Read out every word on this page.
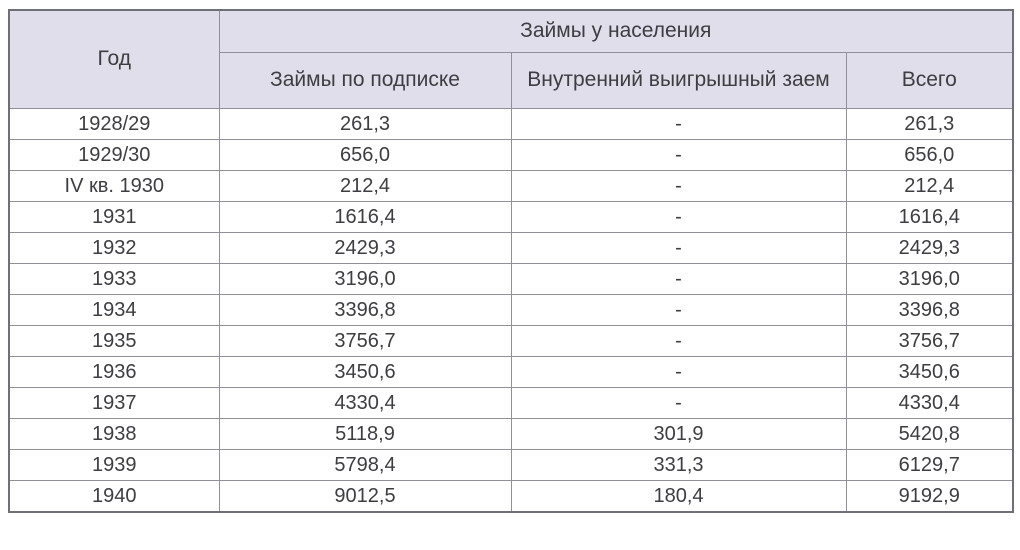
Год	Займы у населения		
	Займы по подписке	Внутренний выигрышный заем	Всего
1928/29	261,3	-	261,3
1929/30	656,0	-	656,0
IV кв. 1930	212,4	-	212,4
1931	1616,4	-	1616,4
1932	2429,3	-	2429,3
1933	3196,0	-	3196,0
1934	3396,8	-	3396,8
1935	3756,7	-	3756,7
1936	3450,6	-	3450,6
1937	4330,4	-	4330,4
1938	5118,9	301,9	5420,8
1939	5798,4	331,3	6129,7
1940	9012,5	180,4	9192,9
